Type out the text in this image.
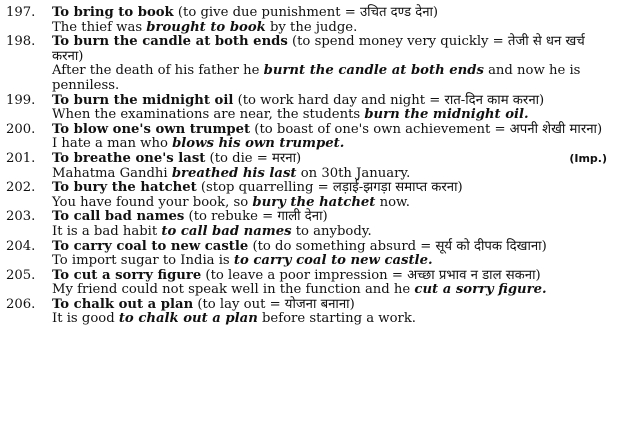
197.	To bring to book (to give due punishment = उचित दण्ड देना)
The thief was brought to book by the judge.
198.	To burn the candle at both ends (to spend money very quickly = तेजी से धन खर्च करना)
After the death of his father he burnt the candle at both ends and now he is penniless.
199.	To burn the midnight oil (to work hard day and night = रात-दिन काम करना)
When the examinations are near, the students burn the midnight oil.
200.	To blow one's own trumpet (to boast of one's own achievement = अपनी शेखी मारना)
I hate a man who blows his own trumpet.
201.	(Imp.)
To breathe one's last (to die = मरना)
Mahatma Gandhi breathed his last on 30th January.
202.	To bury the hatchet (stop quarrelling = लड़ाई-झगड़ा समाप्त करना)
You have found your book, so bury the hatchet now.
203.	To call bad names (to rebuke = गाली देना)
It is a bad habit to call bad names to anybody.
204.	To carry coal to new castle (to do something absurd = सूर्य को दीपक दिखाना)
To import sugar to India is to carry coal to new castle.
205.	To cut a sorry figure (to leave a poor impression = अच्छा प्रभाव न डाल सकना)
My friend could not speak well in the function and he cut a sorry figure.
206.	To chalk out a plan (to lay out = योजना बनाना)
It is good to chalk out a plan before starting a work.
